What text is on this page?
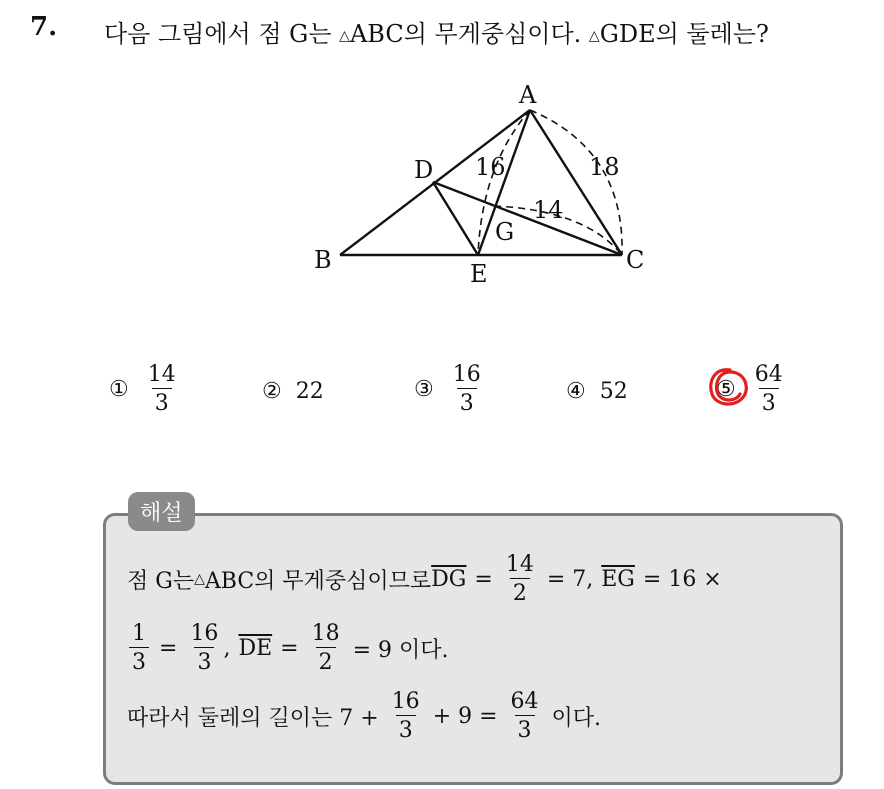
7. 다음 그림에서 점 G는 △ABC의 무게중심이다. △GDE의 둘레는?
A
B	C
D
E
G
16	18
14
① $\frac{14}{3}$	② 22	③ $\frac{16}{3}$	④ 52	⑤ $\frac{64}{3}$
해설
점 G는 △ ABC의 무게중심이므로 $\overline{DG} = \frac{14}{2} = 7$, $\overline{EG} = 16$ ×
$\frac{1}{3} = \frac{16}{3}$ , $\overline{DE} = \frac{18}{2} = 9$ 이다.
따라서 둘레의 길이는 $7 + \frac{16}{3} + 9 = \frac{64}{3}$ 이다.
